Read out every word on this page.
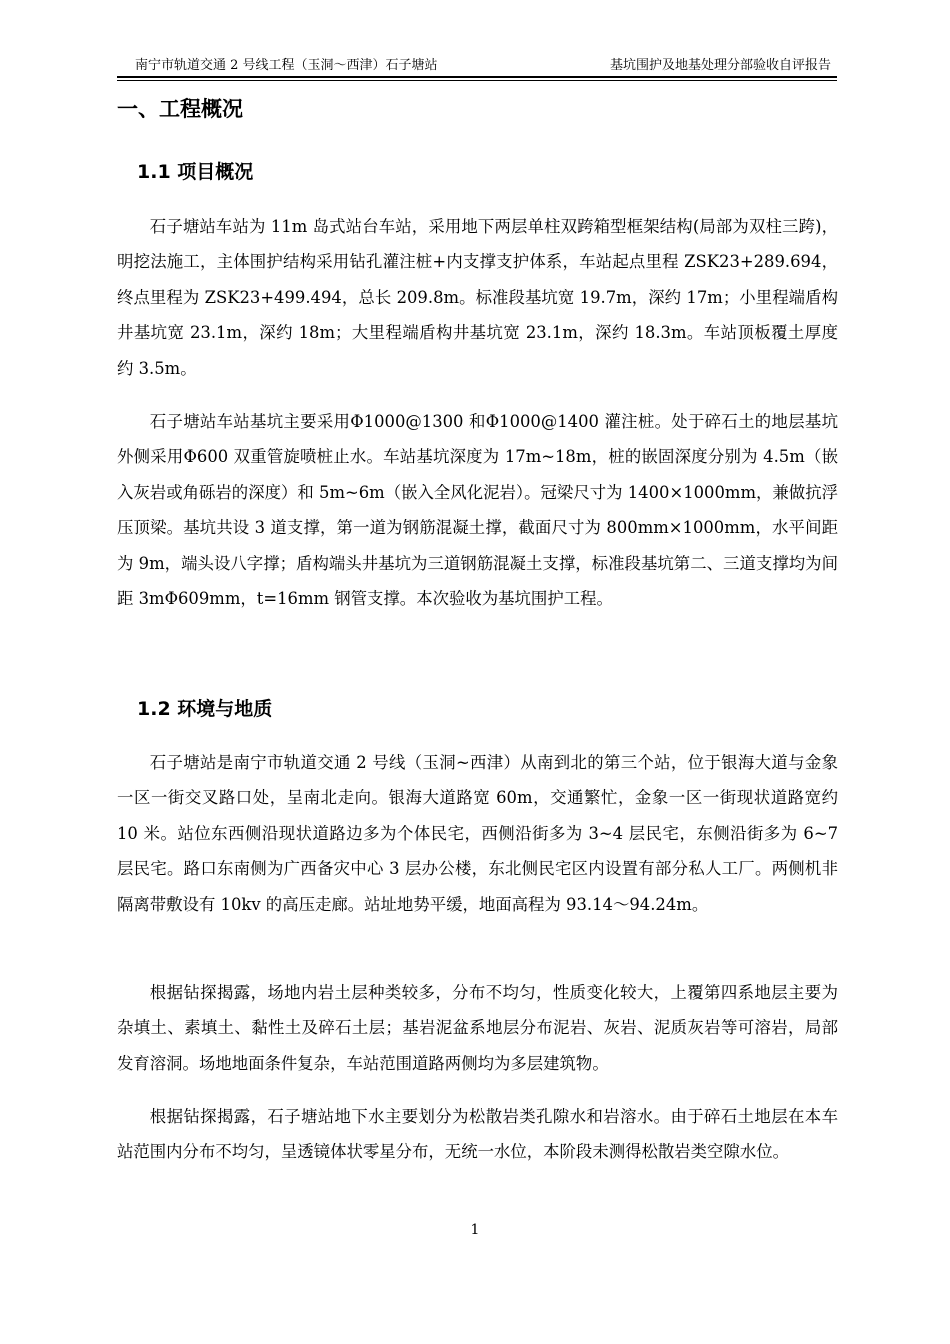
南宁市轨道交通 2 号线工程（玉洞～西津）石子塘站	基坑围护及地基处理分部验收自评报告
一、工程概况
1.1 项目概况

石子塘站车站为 11m 岛式站台车站，采用地下两层单柱双跨箱型框架结构(局部为双柱三跨)，明挖法施工，主体围护结构采用钻孔灌注桩+内支撑支护体系，车站起点里程 ZSK23+289.694，终点里程为 ZSK23+499.494，总长 209.8m。标准段基坑宽 19.7m，深约 17m；小里程端盾构井基坑宽 23.1m，深约 18m；大里程端盾构井基坑宽 23.1m，深约 18.3m。车站顶板覆土厚度约 3.5m。

石子塘站车站基坑主要采用Φ1000@1300 和Φ1000@1400 灌注桩。处于碎石土的地层基坑外侧采用Φ600 双重管旋喷桩止水。车站基坑深度为 17m~18m，桩的嵌固深度分别为 4.5m（嵌入灰岩或角砾岩的深度）和 5m~6m（嵌入全风化泥岩）。冠梁尺寸为 1400×1000mm，兼做抗浮压顶梁。基坑共设 3 道支撑，第一道为钢筋混凝土撑，截面尺寸为 800mm×1000mm，水平间距为 9m，端头设八字撑；盾构端头井基坑为三道钢筋混凝土支撑，标准段基坑第二、三道支撑均为间距 3mΦ609mm，t=16mm 钢管支撑。本次验收为基坑围护工程。

1.2 环境与地质

石子塘站是南宁市轨道交通 2 号线（玉洞~西津）从南到北的第三个站，位于银海大道与金象一区一街交叉路口处，呈南北走向。银海大道路宽 60m，交通繁忙，金象一区一街现状道路宽约 10 米。站位东西侧沿现状道路边多为个体民宅，西侧沿街多为 3~4 层民宅，东侧沿街多为 6~7 层民宅。路口东南侧为广西备灾中心 3 层办公楼，东北侧民宅区内设置有部分私人工厂。两侧机非隔离带敷设有 10kv 的高压走廊。站址地势平缓，地面高程为 93.14～94.24m。

根据钻探揭露，场地内岩土层种类较多，分布不均匀，性质变化较大，上覆第四系地层主要为杂填土、素填土、黏性土及碎石土层；基岩泥盆系地层分布泥岩、灰岩、泥质灰岩等可溶岩，局部发育溶洞。场地地面条件复杂，车站范围道路两侧均为多层建筑物。

根据钻探揭露，石子塘站地下水主要划分为松散岩类孔隙水和岩溶水。由于碎石土地层在本车站范围内分布不均匀，呈透镜体状零星分布，无统一水位，本阶段未测得松散岩类空隙水位。

1
